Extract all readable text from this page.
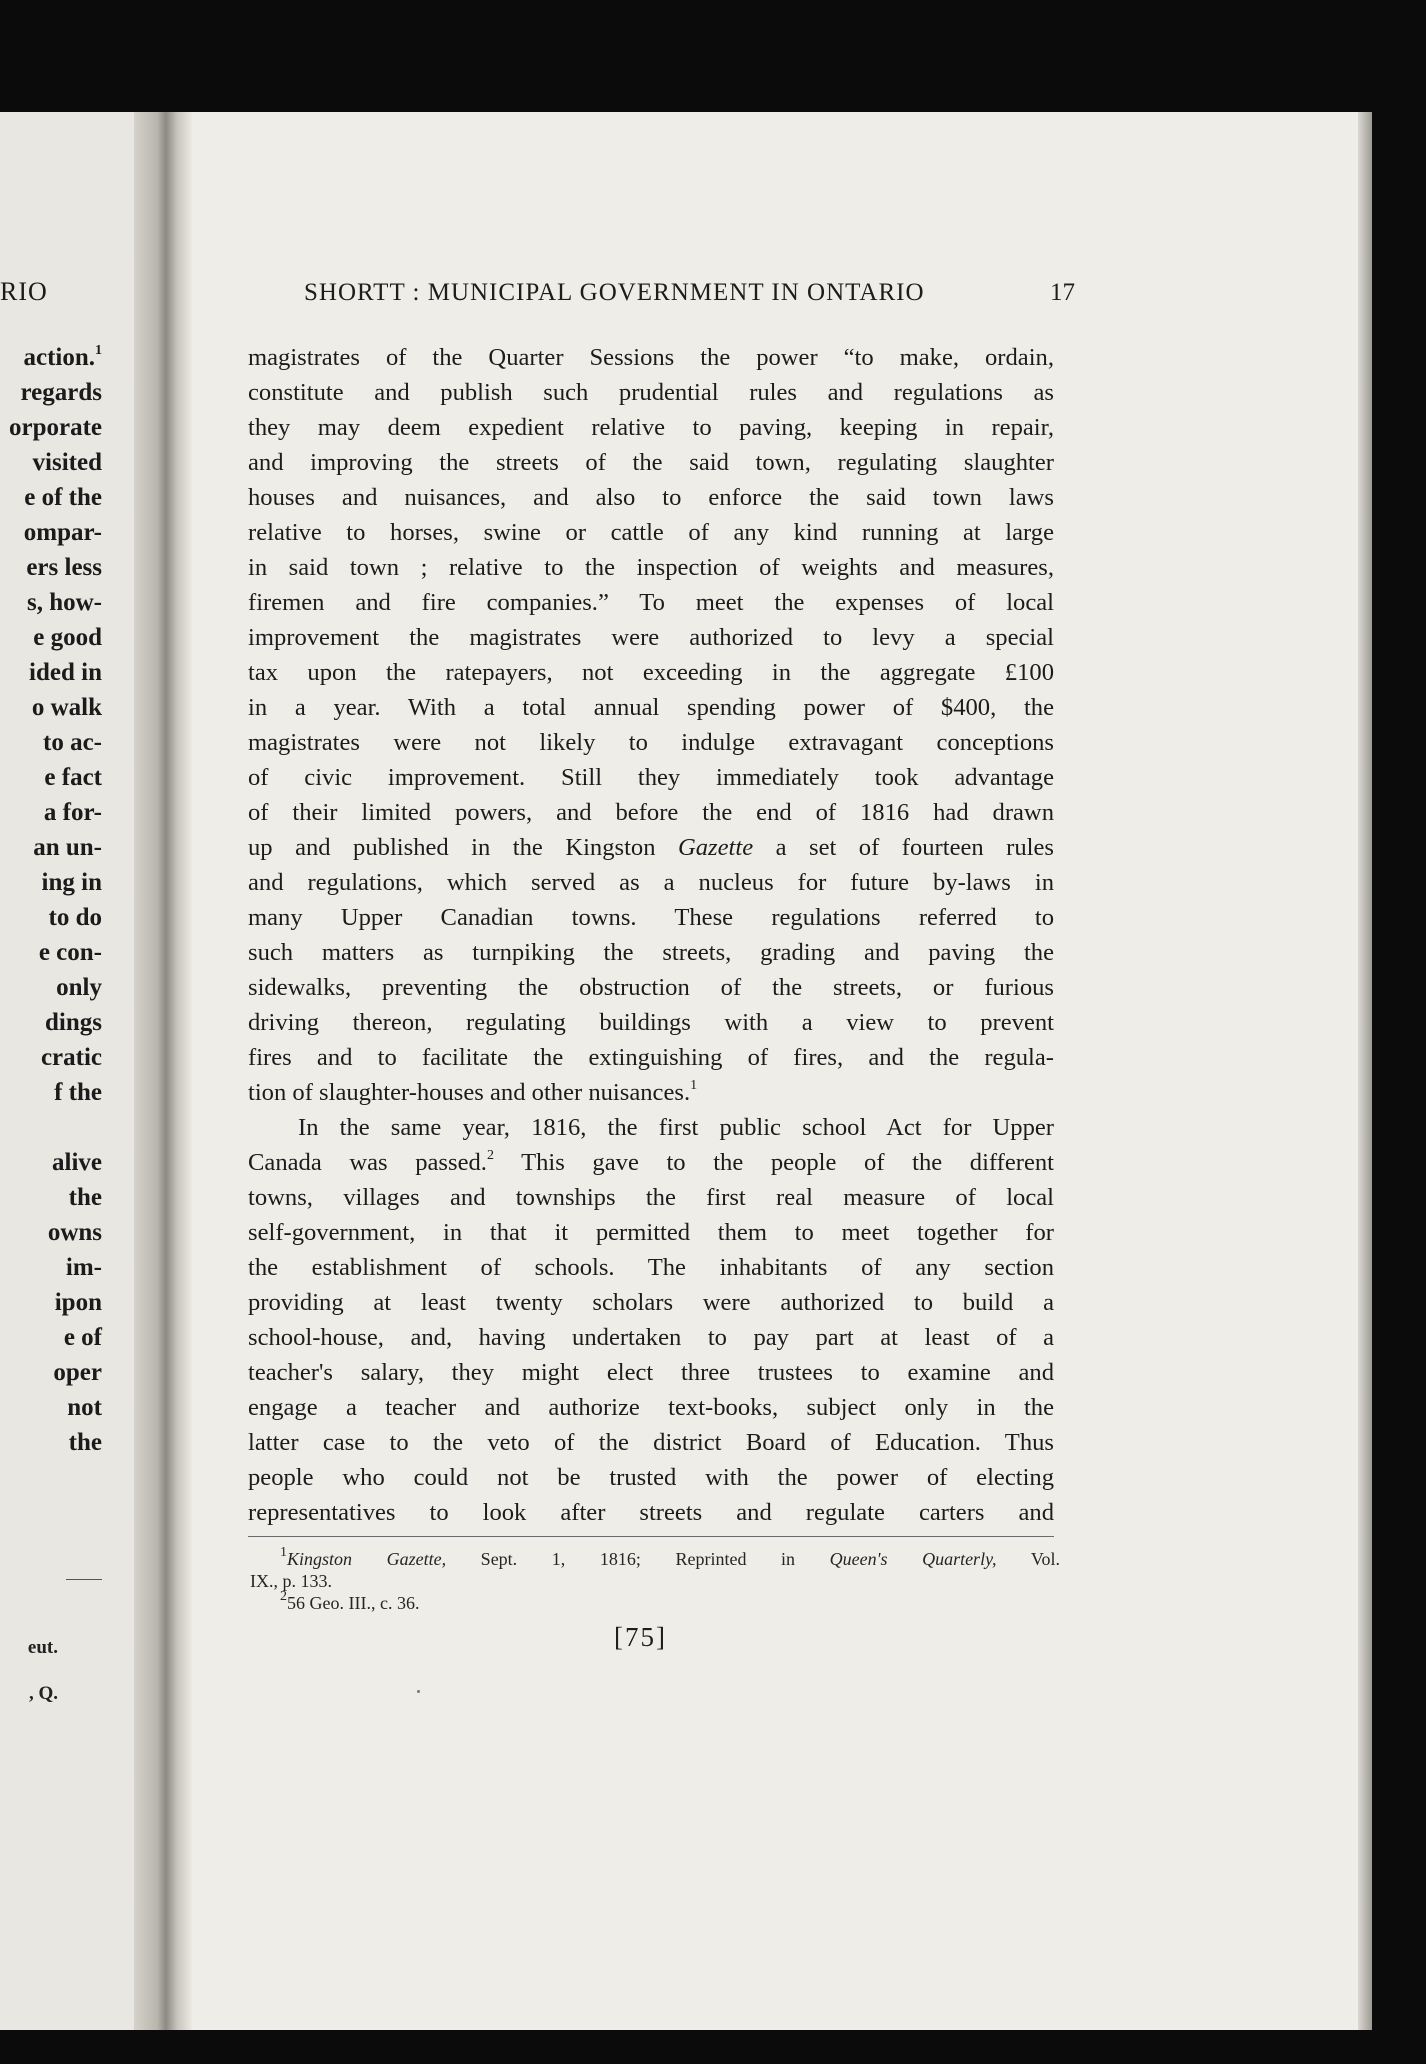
RIO
action.$^1$
regards
orporate
visited
e of the
ompar-
ers less
s, how-
e good
ided in
o walk
to ac-
e fact
a for-
an un-
ing in
to do
e con-
only
dings
cratic
f the
alive
the
owns
im-
ipon
e of
oper
not
the
eut.
, Q.
SHORTT : MUNICIPAL GOVERNMENT IN ONTARIO	17
magistrates of the Quarter Sessions the power “to make, ordain,
constitute and publish such prudential rules and regulations as
they may deem expedient relative to paving, keeping in repair,
and improving the streets of the said town, regulating slaughter
houses and nuisances, and also to enforce the said town laws
relative to horses, swine or cattle of any kind running at large
in said town ; relative to the inspection of weights and measures,
firemen and fire companies.” To meet the expenses of local
improvement the magistrates were authorized to levy a special
tax upon the ratepayers, not exceeding in the aggregate £100
in a year. With a total annual spending power of $400, the
magistrates were not likely to indulge extravagant conceptions
of civic improvement. Still they immediately took advantage
of their limited powers, and before the end of 1816 had drawn
up and published in the Kingston Gazette a set of fourteen rules
and regulations, which served as a nucleus for future by-laws in
many Upper Canadian towns. These regulations referred to
such matters as turnpiking the streets, grading and paving the
sidewalks, preventing the obstruction of the streets, or furious
driving thereon, regulating buildings with a view to prevent
fires and to facilitate the extinguishing of fires, and the regula-
tion of slaughter-houses and other nuisances.$^1$
In the same year, 1816, the first public school Act for Upper
Canada was passed.$^2$ This gave to the people of the different
towns, villages and townships the first real measure of local
self-government, in that it permitted them to meet together for
the establishment of schools. The inhabitants of any section
providing at least twenty scholars were authorized to build a
school-house, and, having undertaken to pay part at least of a
teacher's salary, they might elect three trustees to examine and
engage a teacher and authorize text-books, subject only in the
latter case to the veto of the district Board of Education. Thus
people who could not be trusted with the power of electing
representatives to look after streets and regulate carters and
$^1$Kingston Gazette, Sept. 1, 1816; Reprinted in Queen's Quarterly, Vol.
IX., p. 133.
$^2$56 Geo. III., c. 36.
[75]
